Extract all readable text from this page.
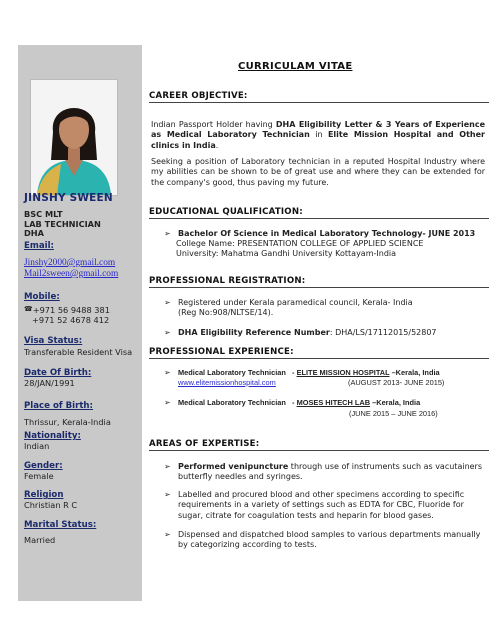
JINSHY SWEEN
BSC MLT
LAB TECHNICIAN
DHA
Email:
Jinshy2000@gmail.com
Mail2sween@gmail.com
Mobile:
☎+971 56 9488 381
+971 52 4678 412
Visa Status:
Transferable Resident Visa
Date Of Birth:
28/JAN/1991
Place of Birth:
Thrissur, Kerala-India
Nationality:
Indian
Gender:
Female
Religion
Christian R C
Marital Status:
Married
CURRICULAM VITAE
CAREER OBJECTIVE:
Indian Passport Holder having DHA Eligibility Letter & 3 Years of Experience as Medical Laboratory Technician in Elite Mission Hospital and Other clinics in India.
Seeking a position of Laboratory technician in a reputed Hospital Industry where my abilities can be shown to be of great use and where they can be extended for the company's good, thus paving my future.
EDUCATIONAL QUALIFICATION:
➢ Bachelor Of Science in Medical Laboratory Technology- JUNE 2013
College Name: PRESENTATION COLLEGE OF APPLIED SCIENCE
University: Mahatma Gandhi University Kottayam-India
PROFESSIONAL REGISTRATION:
➢ Registered under Kerala paramedical council, Kerala- India
(Reg No:908/NLTSE/14).
➢ DHA Eligibility Reference Number: DHA/LS/17112015/52807
PROFESSIONAL EXPERIENCE:
➢ Medical Laboratory Technician   - ELITE MISSION HOSPITAL –Kerala, India
www.elitemissionhospital.com	(AUGUST 2013- JUNE 2015)
➢ Medical Laboratory Technician   - MOSES HITECH LAB –Kerala, India
(JUNE 2015 – JUNE 2016)
AREAS OF EXPERTISE:
➢ Performed venipuncture through use of instruments such as vacutainers butterfly needles and syringes.
➢ Labelled and procured blood and other specimens according to specific requirements in a variety of settings such as EDTA for CBC, Fluoride for sugar, citrate for coagulation tests and heparin for blood gases.
➢ Dispensed and dispatched blood samples to various departments manually by categorizing according to tests.
